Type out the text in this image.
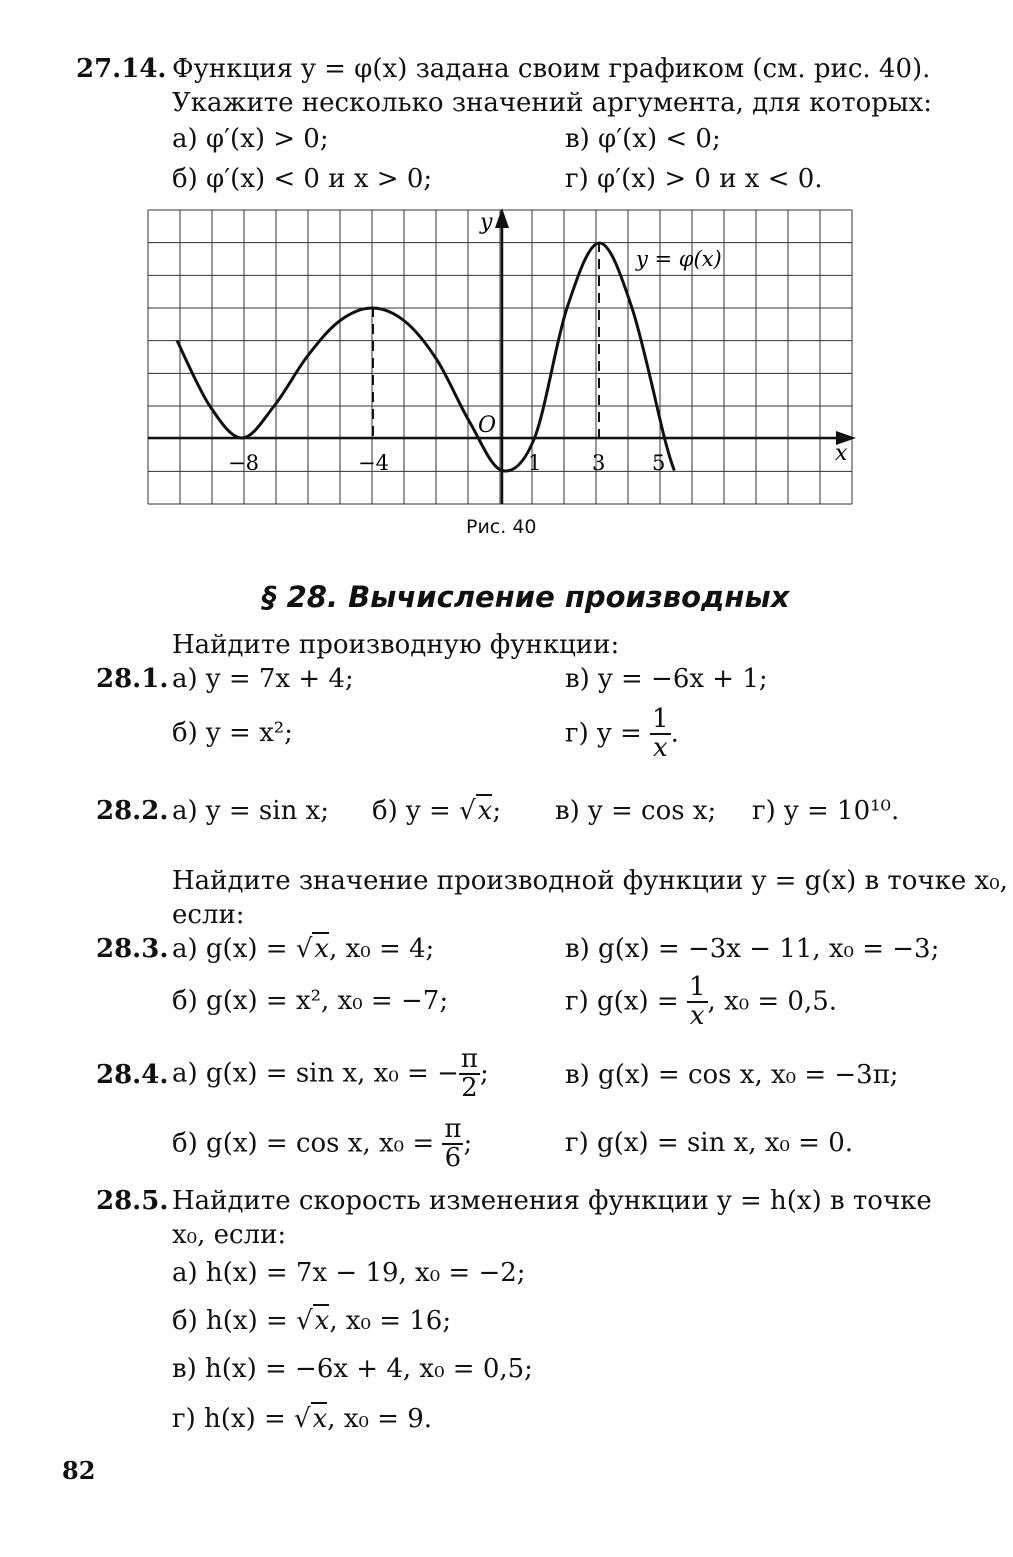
27.14. Функция y = φ(x) задана своим графиком (см. рис. 40).
Укажите несколько значений аргумента, для которых:
а) φ′(x) > 0;	в) φ′(x) < 0;
б) φ′(x) < 0 и x > 0;	г) φ′(x) > 0 и x < 0.
y
x
O
y = φ(x)
−8	−4	1 3 5
Рис. 40
§ 28. Вычисление производных
Найдите производную функции:
28.1. а) y = 7x + 4;	в) y = −6x + 1;
б) y = x²;	г) $y = \frac{1}{x}$ .
28.2. а) y = sin x; б) y = √x; в) y = cos x; г) y = 10¹⁰.
Найдите значение производной функции y = g(x) в точке x₀,
если:
28.3. а) g(x) = √x, x₀ = 4;	в) g(x) = −3x − 11, x₀ = −3;
б) g(x) = x², x₀ = −7;	г) $g(x) = \frac{1}{x}$ , x₀ = 0,5.
28.4. а) g(x) = sin x, x₀ = − $\frac{\pi}{2}$ ;	в) g(x) = cos x, x₀ = −3π;
б) g(x) = cos x, $x_0 = \frac{\pi}{6}$ ;	г) g(x) = sin x, x₀ = 0.
28.5. Найдите скорость изменения функции y = h(x) в точке
x₀, если:
а) h(x) = 7x − 19, x₀ = −2;
б) h(x) = √x, x₀ = 16;
в) h(x) = −6x + 4, x₀ = 0,5;
г) h(x) = √x, x₀ = 9.
82
